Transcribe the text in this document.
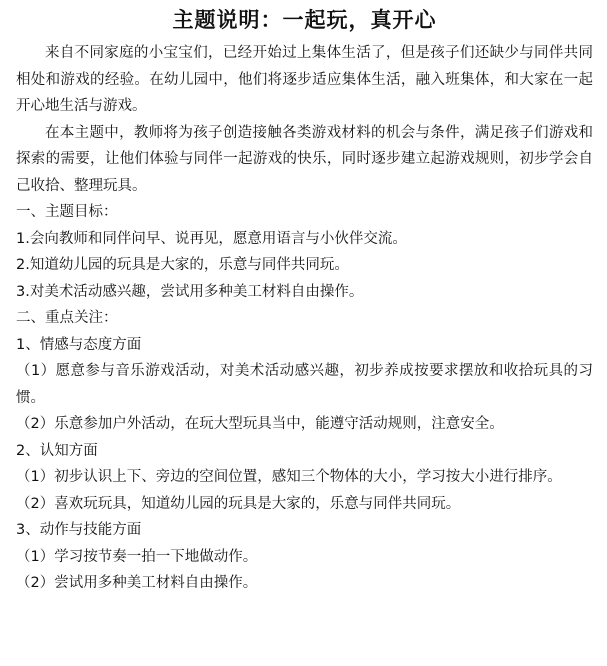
主题说明：一起玩，真开心

来自不同家庭的小宝宝们，已经开始过上集体生活了，但是孩子们还缺少与同伴共同相处和游戏的经验。在幼儿园中，他们将逐步适应集体生活，融入班集体，和大家在一起开心地生活与游戏。

在本主题中，教师将为孩子创造接触各类游戏材料的机会与条件，满足孩子们游戏和探索的需要，让他们体验与同伴一起游戏的快乐，同时逐步建立起游戏规则，初步学会自己收拾、整理玩具。

一、主题目标：

1.会向教师和同伴问早、说再见，愿意用语言与小伙伴交流。

2.知道幼儿园的玩具是大家的，乐意与同伴共同玩。

3.对美术活动感兴趣，尝试用多种美工材料自由操作。

二、重点关注：

1、情感与态度方面

（1）愿意参与音乐游戏活动，对美术活动感兴趣，初步养成按要求摆放和收拾玩具的习惯。

（2）乐意参加户外活动，在玩大型玩具当中，能遵守活动规则，注意安全。

2、认知方面

（1）初步认识上下、旁边的空间位置，感知三个物体的大小，学习按大小进行排序。

（2）喜欢玩玩具，知道幼儿园的玩具是大家的，乐意与同伴共同玩。

3、动作与技能方面

（1）学习按节奏一拍一下地做动作。

（2）尝试用多种美工材料自由操作。
